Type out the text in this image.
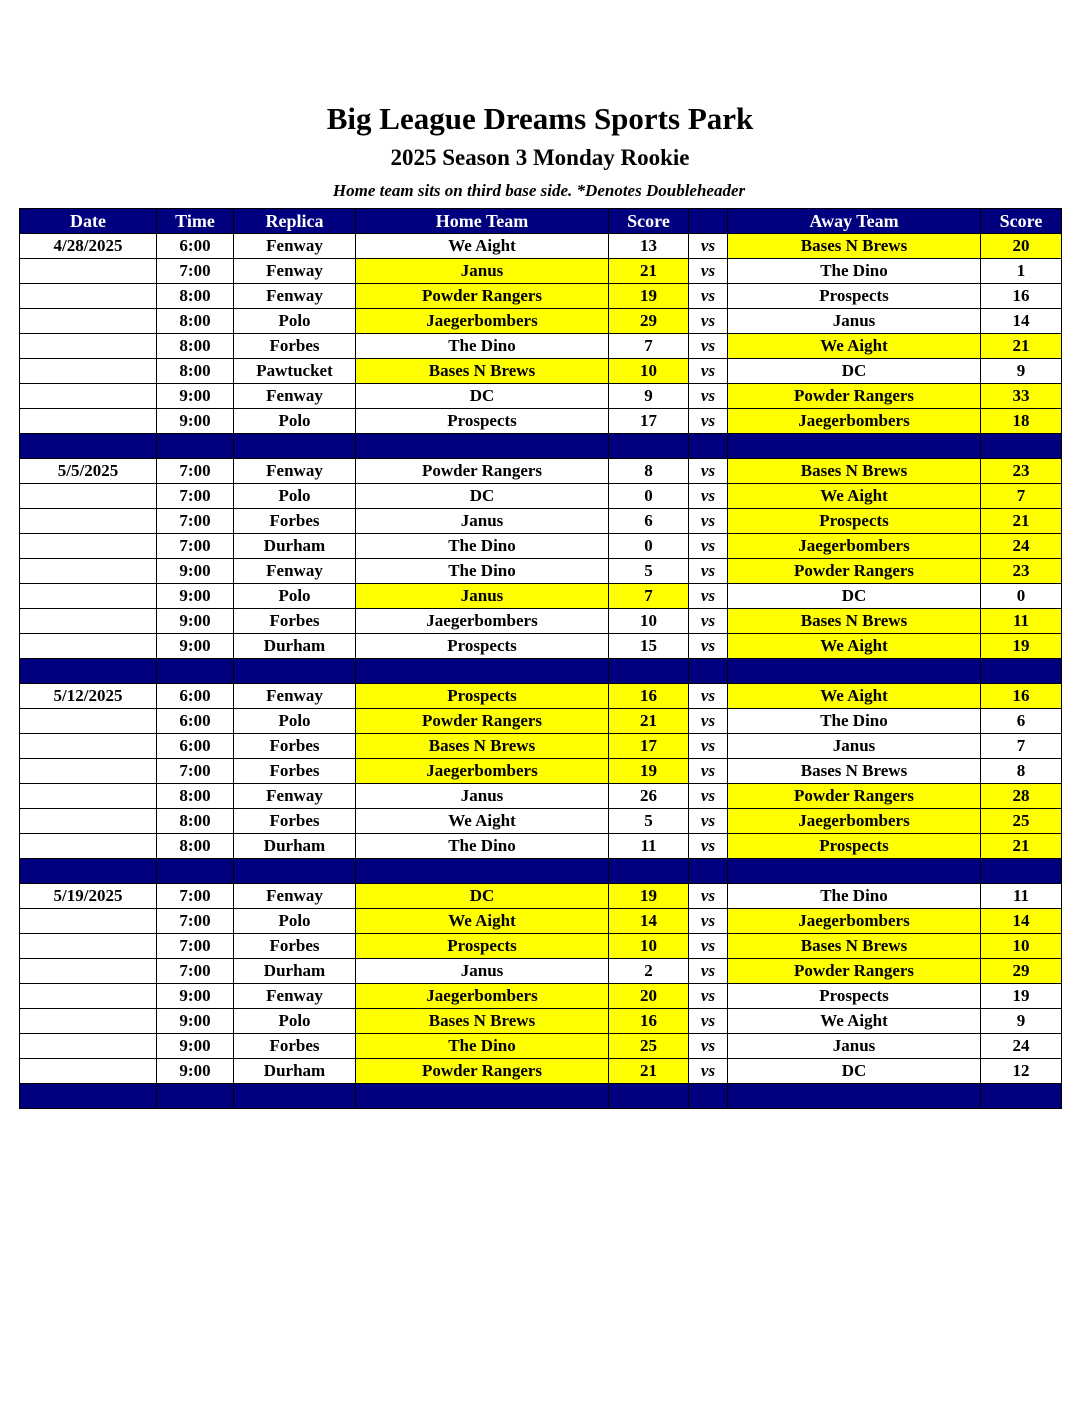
Big League Dreams Sports Park
2025 Season 3 Monday Rookie
Home team sits on third base side. *Denotes Doubleheader
Date	Time	Replica	Home Team	Score		Away Team	Score
4/28/2025	6:00	Fenway	We Aight	13	vs	Bases N Brews	20
	7:00	Fenway	Janus	21	vs	The Dino	1
	8:00	Fenway	Powder Rangers	19	vs	Prospects	16
	8:00	Polo	Jaegerbombers	29	vs	Janus	14
	8:00	Forbes	The Dino	7	vs	We Aight	21
	8:00	Pawtucket	Bases N Brews	10	vs	DC	9
	9:00	Fenway	DC	9	vs	Powder Rangers	33
	9:00	Polo	Prospects	17	vs	Jaegerbombers	18

5/5/2025	7:00	Fenway	Powder Rangers	8	vs	Bases N Brews	23
	7:00	Polo	DC	0	vs	We Aight	7
	7:00	Forbes	Janus	6	vs	Prospects	21
	7:00	Durham	The Dino	0	vs	Jaegerbombers	24
	9:00	Fenway	The Dino	5	vs	Powder Rangers	23
	9:00	Polo	Janus	7	vs	DC	0
	9:00	Forbes	Jaegerbombers	10	vs	Bases N Brews	11
	9:00	Durham	Prospects	15	vs	We Aight	19

5/12/2025	6:00	Fenway	Prospects	16	vs	We Aight	16
	6:00	Polo	Powder Rangers	21	vs	The Dino	6
	6:00	Forbes	Bases N Brews	17	vs	Janus	7
	7:00	Forbes	Jaegerbombers	19	vs	Bases N Brews	8
	8:00	Fenway	Janus	26	vs	Powder Rangers	28
	8:00	Forbes	We Aight	5	vs	Jaegerbombers	25
	8:00	Durham	The Dino	11	vs	Prospects	21

5/19/2025	7:00	Fenway	DC	19	vs	The Dino	11
	7:00	Polo	We Aight	14	vs	Jaegerbombers	14
	7:00	Forbes	Prospects	10	vs	Bases N Brews	10
	7:00	Durham	Janus	2	vs	Powder Rangers	29
	9:00	Fenway	Jaegerbombers	20	vs	Prospects	19
	9:00	Polo	Bases N Brews	16	vs	We Aight	9
	9:00	Forbes	The Dino	25	vs	Janus	24
	9:00	Durham	Powder Rangers	21	vs	DC	12
